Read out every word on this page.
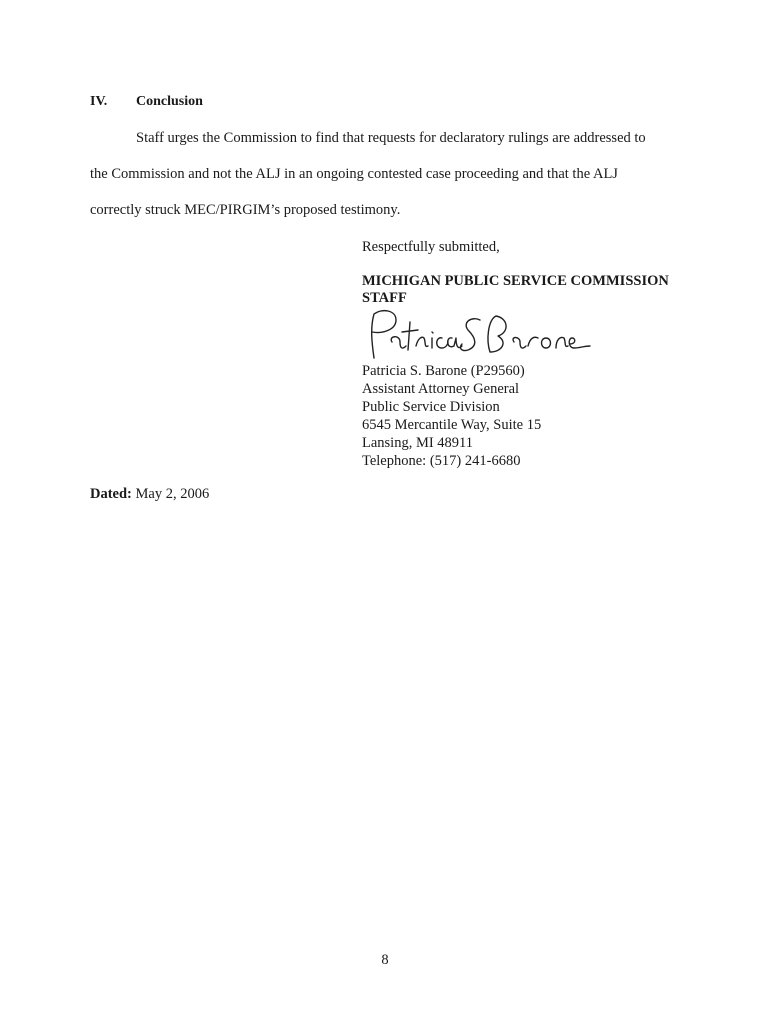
IV.	Conclusion
Staff urges the Commission to find that requests for declaratory rulings are addressed to
the Commission and not the ALJ in an ongoing contested case proceeding and that the ALJ
correctly struck MEC/PIRGIM’s proposed testimony.
Respectfully submitted,
MICHIGAN PUBLIC SERVICE COMMISSION
STAFF
Patricia S. Barone (P29560)
Assistant Attorney General
Public Service Division
6545 Mercantile Way, Suite 15
Lansing, MI 48911
Telephone: (517) 241-6680
Dated: May 2, 2006
8
